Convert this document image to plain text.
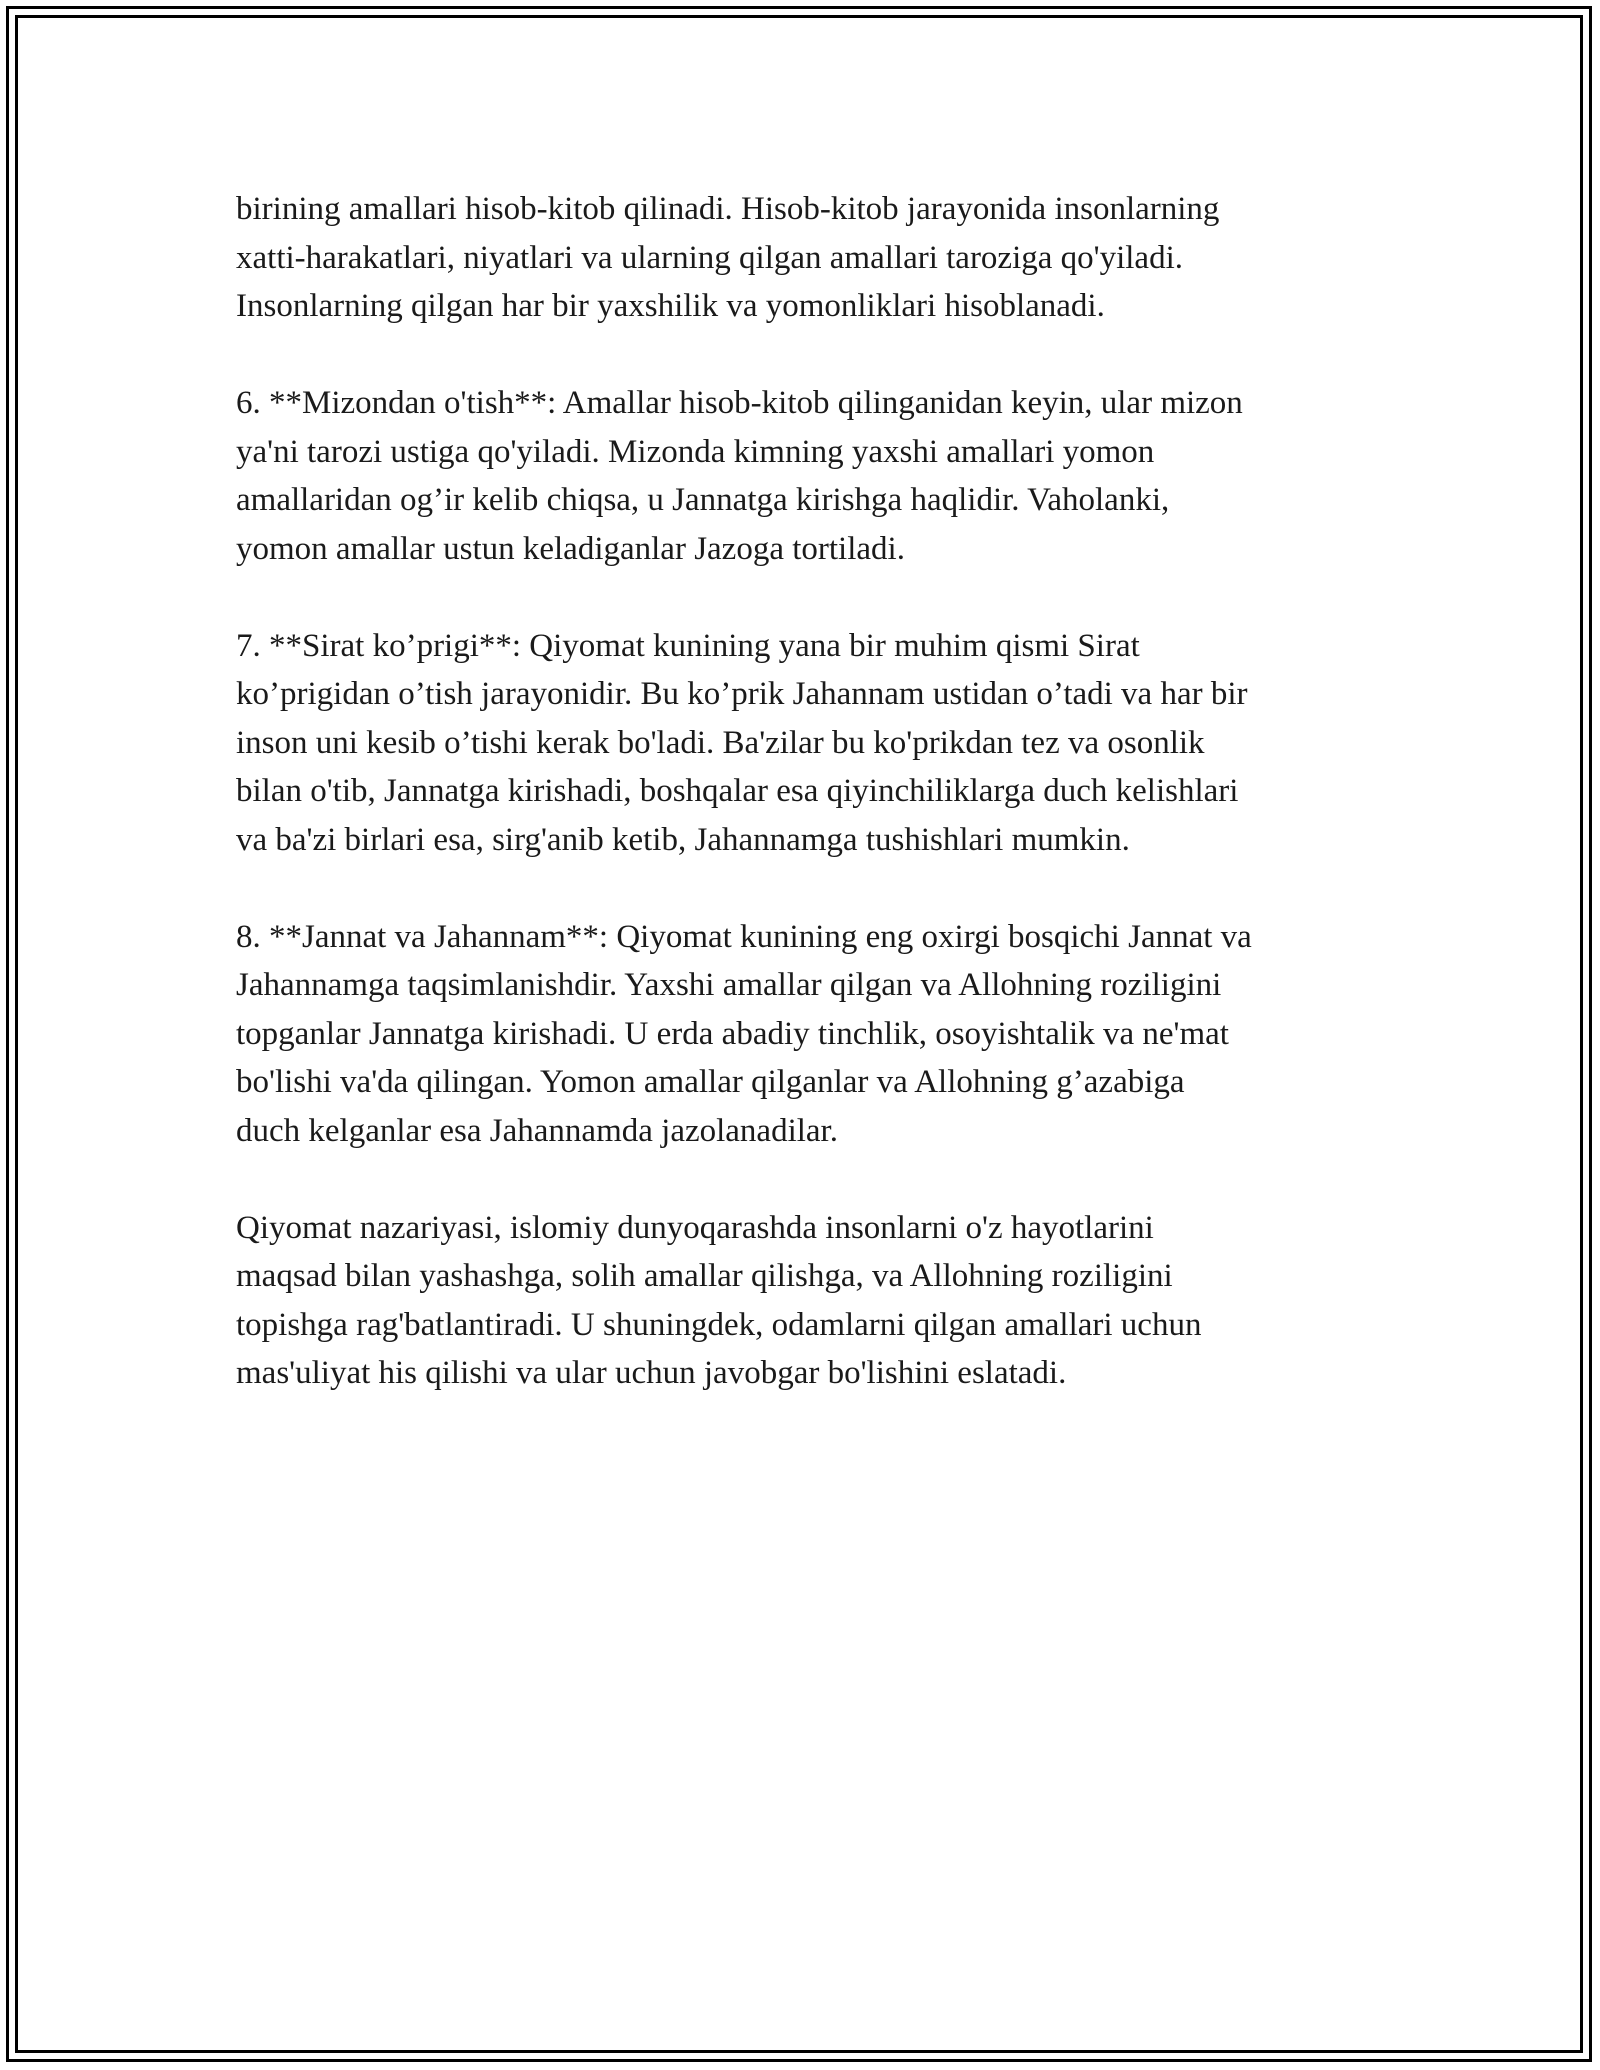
birining amallari hisob-kitob qilinadi. Hisob-kitob jarayonida insonlarning
xatti-harakatlari, niyatlari va ularning qilgan amallari taroziga qo'yiladi.
Insonlarning qilgan har bir yaxshilik va yomonliklari hisoblanadi.

6. **Mizondan o'tish**: Amallar hisob-kitob qilinganidan keyin, ular mizon
ya'ni tarozi ustiga qo'yiladi. Mizonda kimning yaxshi amallari yomon
amallaridan og’ir kelib chiqsa, u Jannatga kirishga haqlidir. Vaholanki,
yomon amallar ustun keladiganlar Jazoga tortiladi.

7. **Sirat ko’prigi**: Qiyomat kunining yana bir muhim qismi Sirat
ko’prigidan o’tish jarayonidir. Bu ko’prik Jahannam ustidan o’tadi va har bir
inson uni kesib o’tishi kerak bo'ladi. Ba'zilar bu ko'prikdan tez va osonlik
bilan o'tib, Jannatga kirishadi, boshqalar esa qiyinchiliklarga duch kelishlari
va ba'zi birlari esa, sirg'anib ketib, Jahannamga tushishlari mumkin.

8. **Jannat va Jahannam**: Qiyomat kunining eng oxirgi bosqichi Jannat va
Jahannamga taqsimlanishdir. Yaxshi amallar qilgan va Allohning roziligini
topganlar Jannatga kirishadi. U erda abadiy tinchlik, osoyishtalik va ne'mat
bo'lishi va'da qilingan. Yomon amallar qilganlar va Allohning g’azabiga
duch kelganlar esa Jahannamda jazolanadilar.

Qiyomat nazariyasi, islomiy dunyoqarashda insonlarni o'z hayotlarini
maqsad bilan yashashga, solih amallar qilishga, va Allohning roziligini
topishga rag'batlantiradi. U shuningdek, odamlarni qilgan amallari uchun
mas'uliyat his qilishi va ular uchun javobgar bo'lishini eslatadi.
